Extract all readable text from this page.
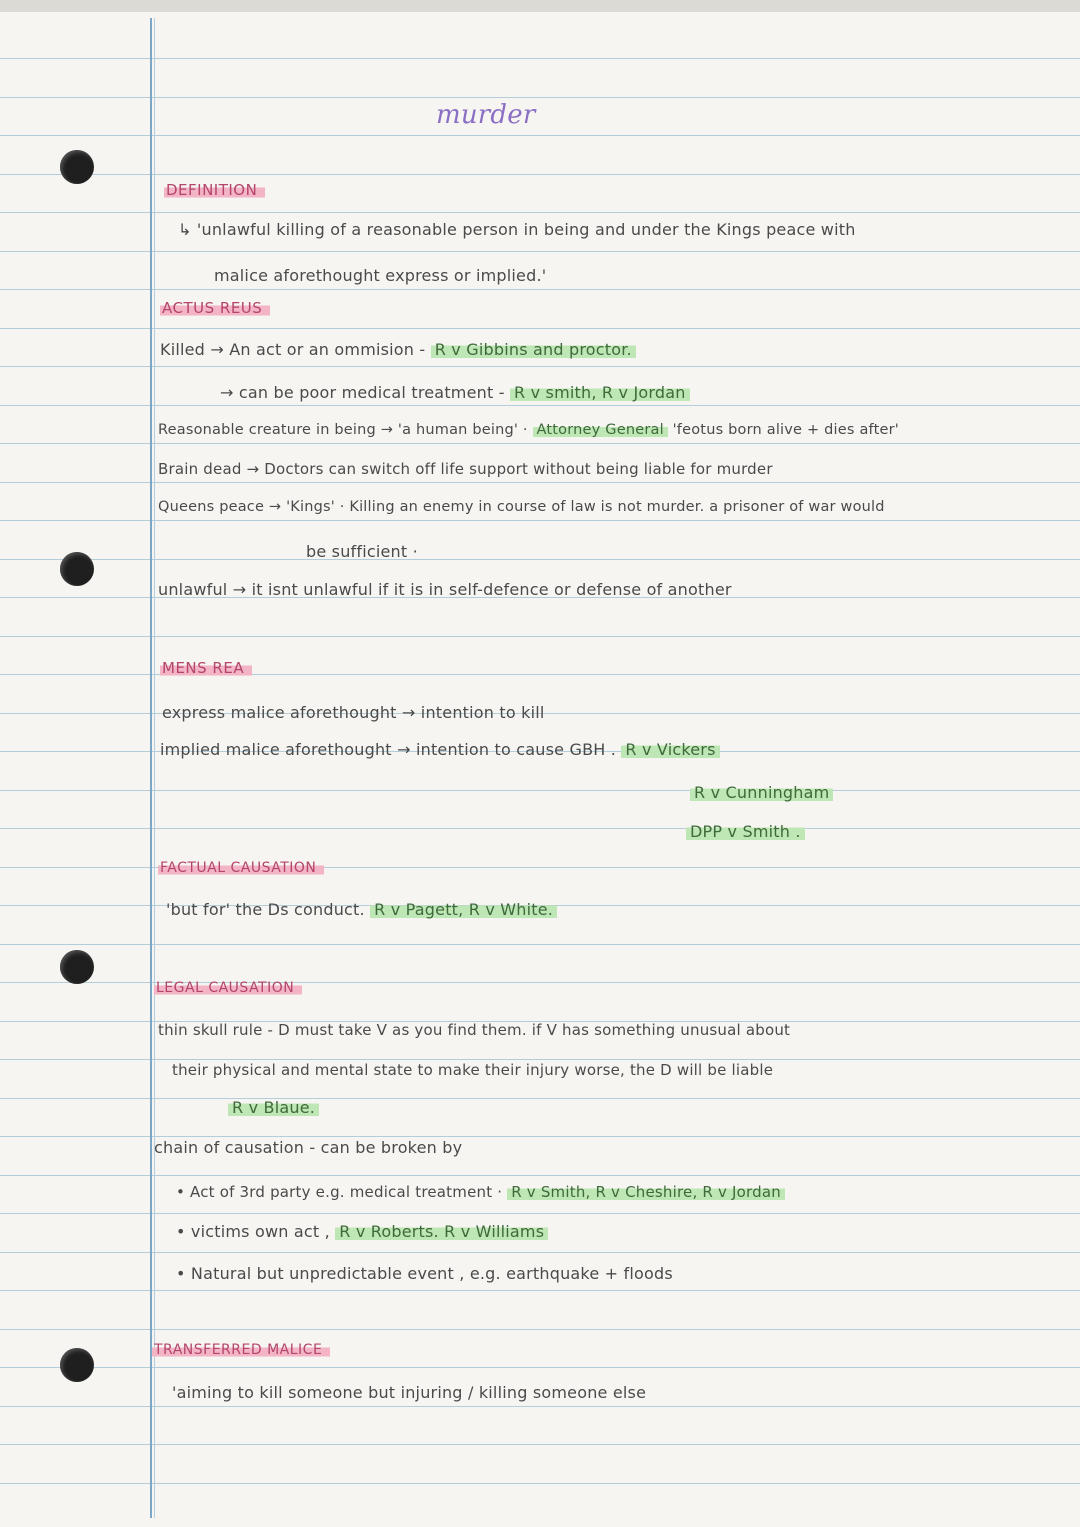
murder
DEFINITION
↳ 'unlawful killing of a reasonable person in being and under the Kings peace with
malice aforethought express or implied.'
ACTUS REUS
Killed → An act or an ommision - R v Gibbins and proctor.
→ can be poor medical treatment - R v smith, R v Jordan
Reasonable creature in being → 'a human being' · Attorney General 'feotus born alive + dies after'
Brain dead → Doctors can switch off life support without being liable for murder
Queens peace → 'Kings' · Killing an enemy in course of law is not murder. a prisoner of war would
be sufficient ·
unlawful → it isnt unlawful if it is in self-defence or defense of another
MENS REA
express malice aforethought → intention to kill
implied malice aforethought → intention to cause GBH . R v Vickers
R v Cunningham
DPP v Smith .
FACTUAL CAUSATION
'but for' the Ds conduct. R v Pagett, R v White.
LEGAL CAUSATION
thin skull rule - D must take V as you find them. if V has something unusual about
their physical and mental state to make their injury worse, the D will be liable
R v Blaue.
chain of causation - can be broken by
• Act of 3rd party e.g. medical treatment · R v Smith, R v Cheshire, R v Jordan
• victims own act , R v Roberts. R v Williams
• Natural but unpredictable event , e.g. earthquake + floods
TRANSFERRED MALICE
'aiming to kill someone but injuring / killing someone else
